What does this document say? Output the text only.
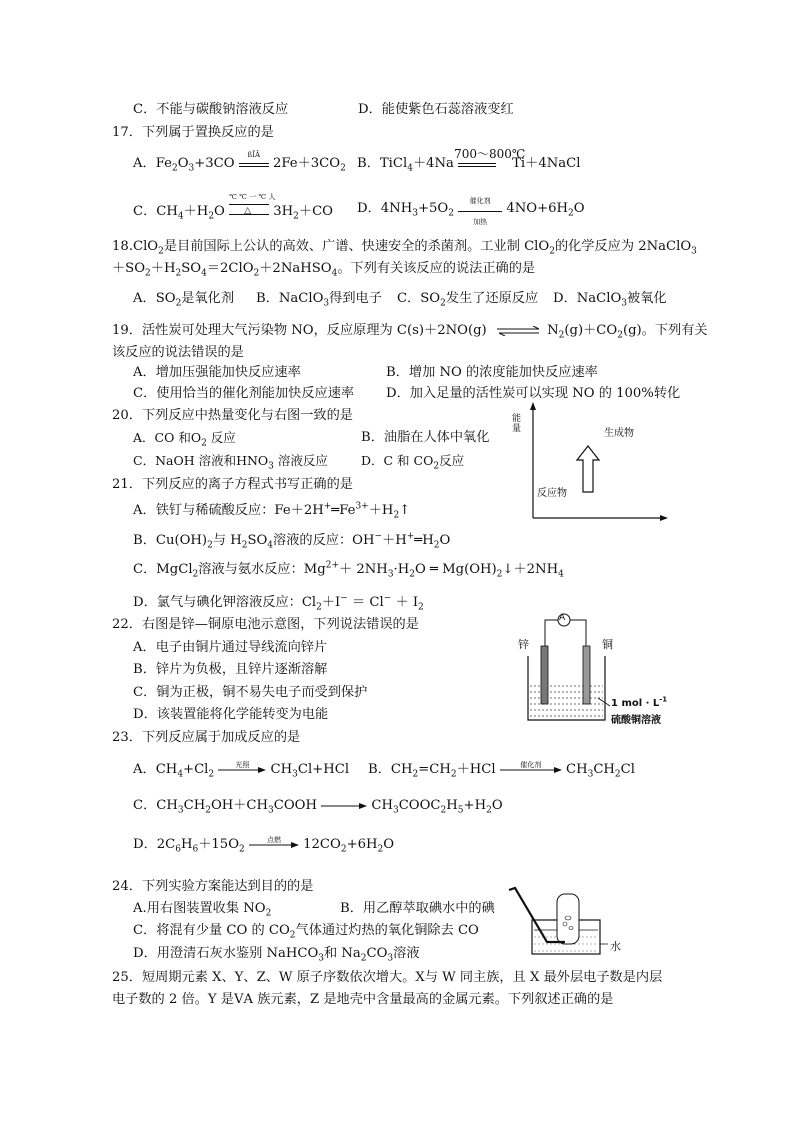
C．不能与碳酸钠溶液反应	D．能使紫色石蕊溶液变红
17．下列属于置换反应的是
A．$Fe_2O_3+3CO$
ßÎÂ
$2Fe+3CO_2$ B．TiCl$_4$＋4Na
700～800℃
Ti＋4NaCl
C．$CH_4+H_2O$
℃ ℃ 一 ℃ 人
△ $3H_2+CO$ D．$4NH_3+5O_2$
催化剂
加热
$4NO+6H_2O$
18.ClO$_2$是目前国际上公认的高效、广谱、快速安全的杀菌剂。工业制 ClO$_2$的化学反应为 2NaClO$_3$
$+SO_2+H_2SO_4=2ClO_2+2NaHSO_4$。下列有关该反应的说法正确的是
A．$SO_2$是氧化剂 B．NaClO$_3$得到电子 C．$SO_2$发生了还原反应 D．NaClO$_3$被氧化
19．活性炭可处理大气污染物 NO，反应原理为 C(s)＋2NO(g) ⇌ $N_2(g)+CO_2(g)$。下列有关
该反应的说法错误的是
A．增加压强能加快反应速率	B．增加 NO 的浓度能加快反应速率
C．使用恰当的催化剂能加快反应速率 D．加入足量的活性炭可以实现 NO 的 100%转化
20．下列反应中热量变化与右图一致的是
A．CO 和$O_2$ 反应	B．油脂在人体中氧化
C．NaOH 溶液和$HNO_3$ 溶液反应	D．C 和 $CO_2$反应
能量	生成物
反应物
21．下列反应的离子方程式书写正确的是
A．铁钉与稀硫酸反应：$Fe+2H^+═Fe^{3+}+H_2↑$
B．$Cu(OH)_2$与 $H_2SO_4$溶液的反应：$OH^-+H^+═H_2O$
C．MgCl$_2$溶液与氨水反应：$Mg^{2+}+ 2NH_3\cdot H_2O$ ═ $Mg(OH)_2↓+2NH_4$
D．氯气与碘化钾溶液反应：$Cl_2+I^- = Cl^- + I_2$
22．右图是锌—铜原电池示意图，下列说法错误的是
A．电子由铜片通过导线流向锌片
B．锌片为负极，且锌片逐渐溶解
C．铜为正极，铜不易失电子而受到保护
D．该装置能将化学能转变为电能
A
锌	铜
1 mol · $L^{-1}$
硫酸铜溶液
23．下列反应属于加成反应的是
A．$CH_4+Cl_2$
光照	$CH_3Cl+HCl$ B．$CH_2=CH_2+HCl$	催化剂	$CH_3CH_2Cl$
C．$CH_3CH_2OH+CH_3COOH$	$CH_3COOC_2H_5+H_2O$
D．$2C_6H_6+15O_2$
点燃	$12CO_2+6H_2O$
24．下列实验方案能达到目的的是
A.用右图装置收集 $NO_2$	B．用乙醇萃取碘水中的碘
C．将混有少量 CO 的 $CO_2$气体通过灼热的氧化铜除去 CO
D．用澄清石灰水鉴别 NaHCO$_3$和 $Na_2CO_3$溶液	水
25．短周期元素 X、Y、Z、W 原子序数依次增大。X与 W 同主族，且 X 最外层电子数是内层
电子数的 2 倍。Y 是ⅤA 族元素，Z 是地壳中含量最高的金属元素。下列叙述正确的是
